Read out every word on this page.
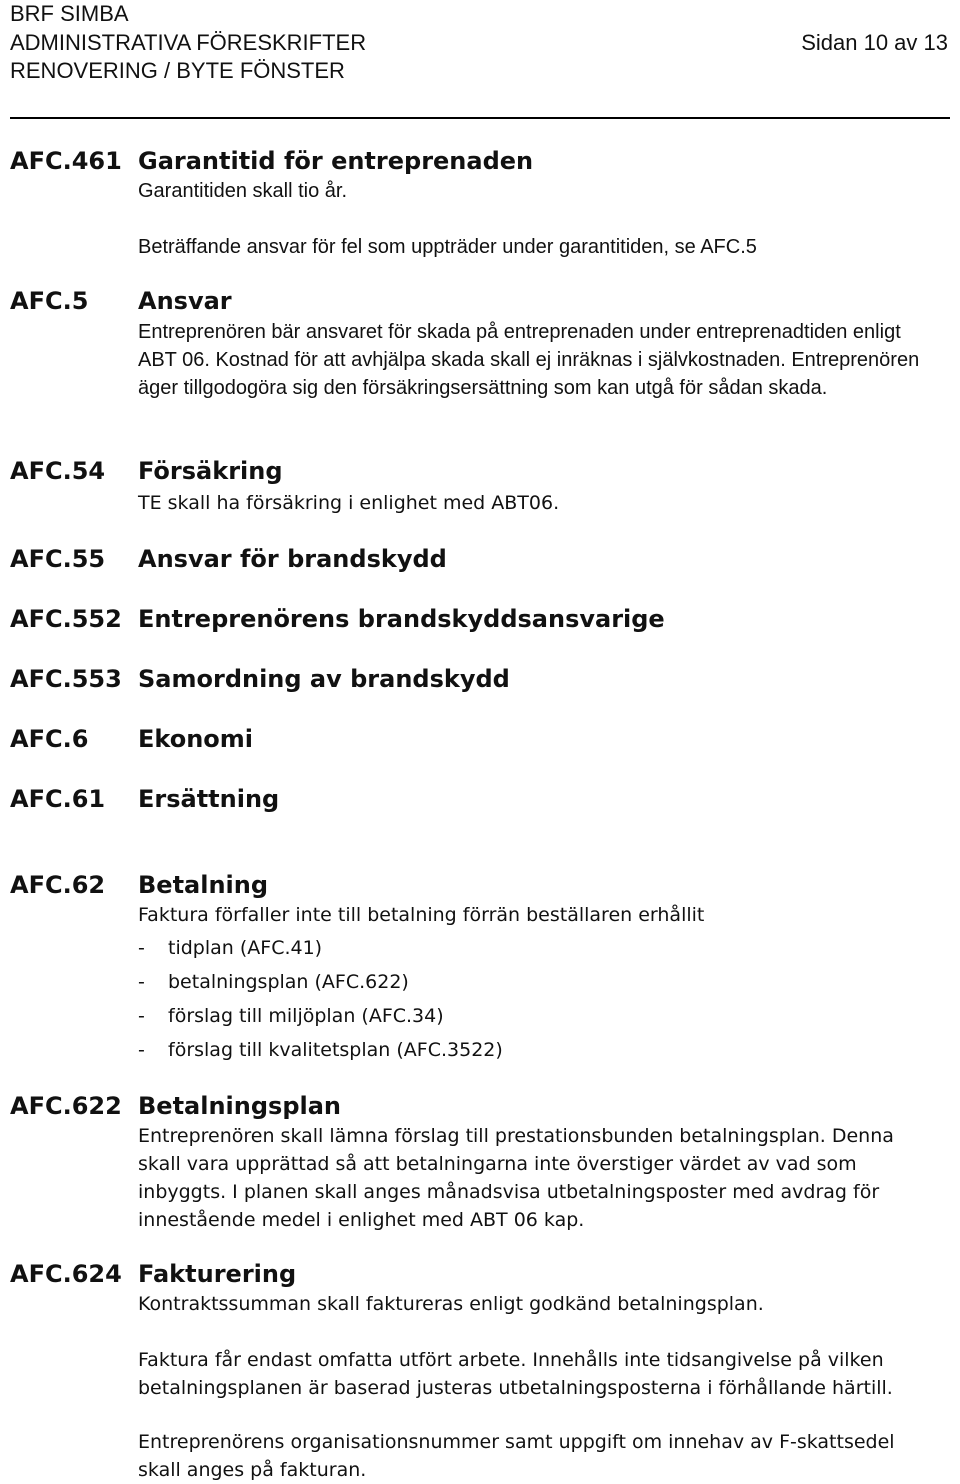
BRF SIMBA
ADMINISTRATIVA FÖRESKRIFTER	Sidan 10 av 13
RENOVERING / BYTE FÖNSTER
AFC.461 Garantitid för entreprenaden
Garantitiden skall tio år.
Beträffande ansvar för fel som uppträder under garantitiden, se AFC.5
AFC.5 Ansvar
Entreprenören bär ansvaret för skada på entreprenaden under entreprenadtiden enligt ABT 06. Kostnad för att avhjälpa skada skall ej inräknas i självkostnaden. Entreprenören äger tillgodogöra sig den försäkringsersättning som kan utgå för sådan skada.
AFC.54 Försäkring
TE skall ha försäkring i enlighet med ABT06.
AFC.55 Ansvar för brandskydd
AFC.552 Entreprenörens brandskyddsansvarige
AFC.553 Samordning av brandskydd
AFC.6 Ekonomi
AFC.61 Ersättning
AFC.62 Betalning
Faktura förfaller inte till betalning förrän beställaren erhållit
- tidplan (AFC.41)
- betalningsplan (AFC.622)
- förslag till miljöplan (AFC.34)
- förslag till kvalitetsplan (AFC.3522)
AFC.622 Betalningsplan
Entreprenören skall lämna förslag till prestationsbunden betalningsplan. Denna skall vara upprättad så att betalningarna inte överstiger värdet av vad som inbyggts. I planen skall anges månadsvisa utbetalningsposter med avdrag för innestående medel i enlighet med ABT 06 kap.
AFC.624 Fakturering
Kontraktssumman skall faktureras enligt godkänd betalningsplan.
Faktura får endast omfatta utfört arbete. Innehålls inte tidsangivelse på vilken betalningsplanen är baserad justeras utbetalningsposterna i förhållande härtill.
Entreprenörens organisationsnummer samt uppgift om innehav av F-skattsedel skall anges på fakturan.
